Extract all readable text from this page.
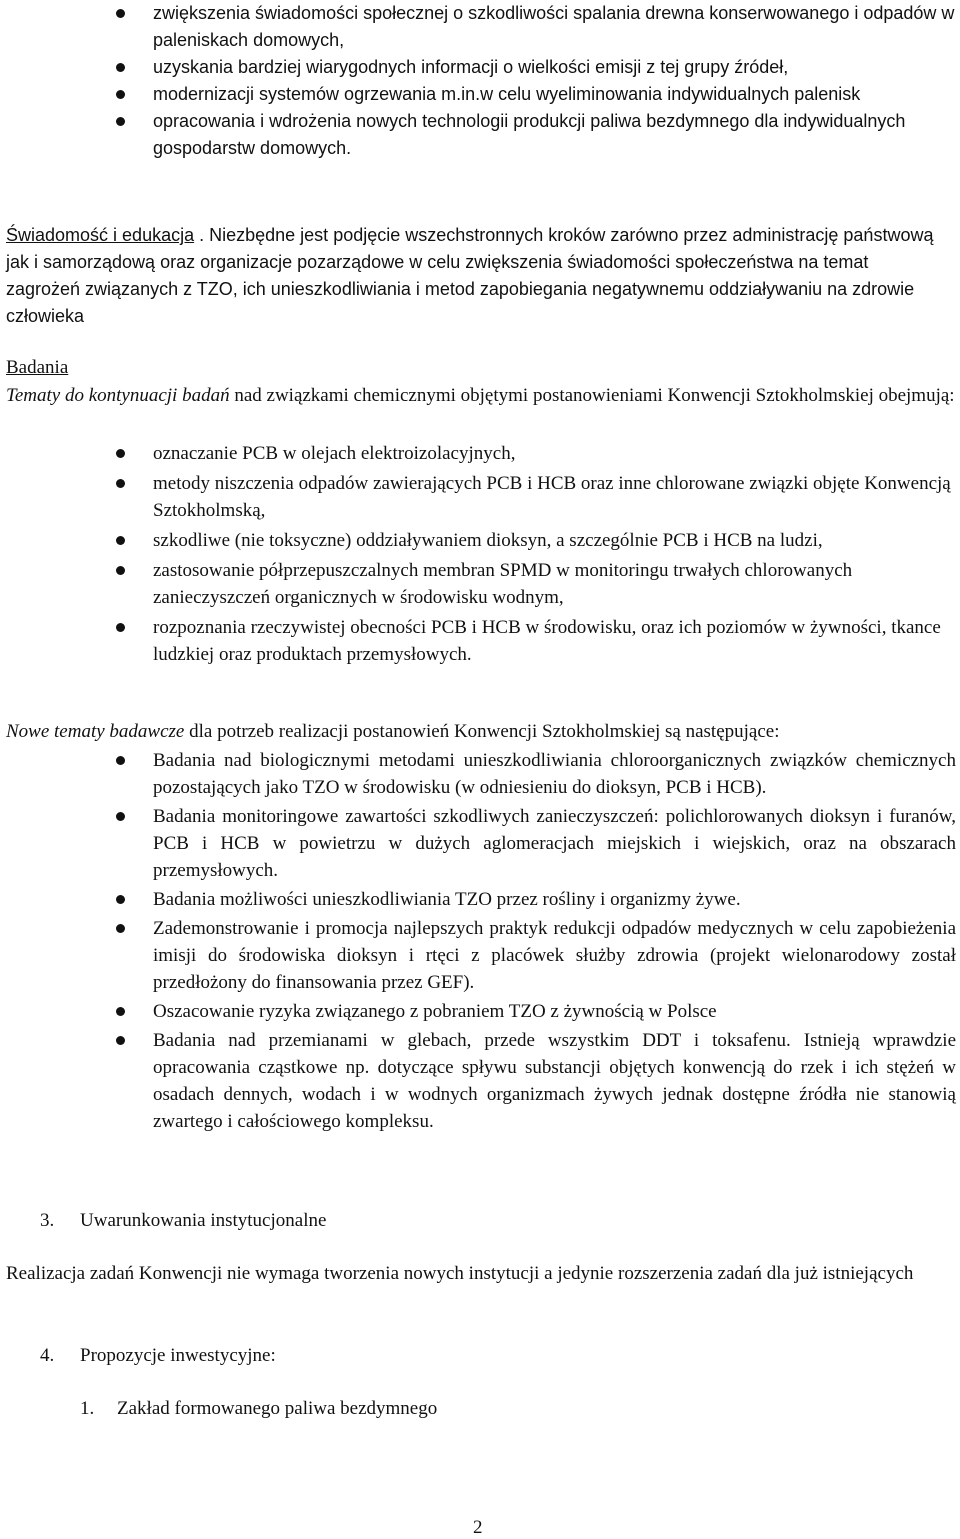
zwiększenia świadomości społecznej o szkodliwości spalania drewna konserwowanego i odpadów w paleniskach domowych,
uzyskania bardziej wiarygodnych informacji o wielkości emisji z tej grupy źródeł,
modernizacji systemów ogrzewania m.in.w celu wyeliminowania indywidualnych palenisk
opracowania i wdrożenia nowych technologii produkcji paliwa bezdymnego dla indywidualnych gospodarstw domowych.

Świadomość i edukacja . Niezbędne jest podjęcie wszechstronnych kroków zarówno przez administrację państwową jak i samorządową oraz organizacje pozarządowe w celu zwiększenia świadomości społeczeństwa na temat zagrożeń związanych z TZO, ich unieszkodliwiania i metod zapobiegania negatywnemu oddziaływaniu na zdrowie człowieka

Badania

Tematy do kontynuacji badań nad związkami chemicznymi objętymi postanowieniami Konwencji Sztokholmskiej obejmują:

oznaczanie PCB w olejach elektroizolacyjnych,
metody niszczenia odpadów zawierających PCB i HCB oraz inne chlorowane związki objęte Konwencją Sztokholmską,
szkodliwe (nie toksyczne) oddziaływaniem dioksyn, a szczególnie PCB i HCB na ludzi,
zastosowanie półprzepuszczalnych membran SPMD w monitoringu trwałych chlorowanych zanieczyszczeń organicznych w środowisku wodnym,
rozpoznania rzeczywistej obecności PCB i HCB w środowisku, oraz ich poziomów w żywności, tkance ludzkiej oraz produktach przemysłowych.

Nowe tematy badawcze dla potrzeb realizacji postanowień Konwencji Sztokholmskiej są następujące:

Badania nad biologicznymi metodami unieszkodliwiania chloroorganicznych związków chemicznych pozostających jako TZO w środowisku (w odniesieniu do dioksyn, PCB i HCB).
Badania monitoringowe zawartości szkodliwych zanieczyszczeń: polichlorowanych dioksyn i furanów, PCB i HCB w powietrzu w dużych aglomeracjach miejskich i wiejskich, oraz na obszarach przemysłowych.
Badania możliwości unieszkodliwiania TZO przez rośliny i organizmy żywe.
Zademonstrowanie i promocja najlepszych praktyk redukcji odpadów medycznych w celu zapobieżenia imisji do środowiska dioksyn i rtęci z placówek służby zdrowia (projekt wielonarodowy został przedłożony do finansowania przez GEF).
Oszacowanie ryzyka związanego z pobraniem TZO z żywnością w Polsce
Badania nad przemianami w glebach, przede wszystkim DDT i toksafenu. Istnieją wprawdzie opracowania cząstkowe np. dotyczące spływu substancji objętych konwencją do rzek i ich stężeń w osadach dennych, wodach i w wodnych organizmach żywych jednak dostępne źródła nie stanowią zwartego i całościowego kompleksu.
3. Uwarunkowania instytucjonalne

Realizacja zadań Konwencji nie wymaga tworzenia nowych instytucji a jedynie rozszerzenia zadań dla już istniejących

4. Propozycje inwestycyjne:
1. Zakład formowanego paliwa bezdymnego
2
